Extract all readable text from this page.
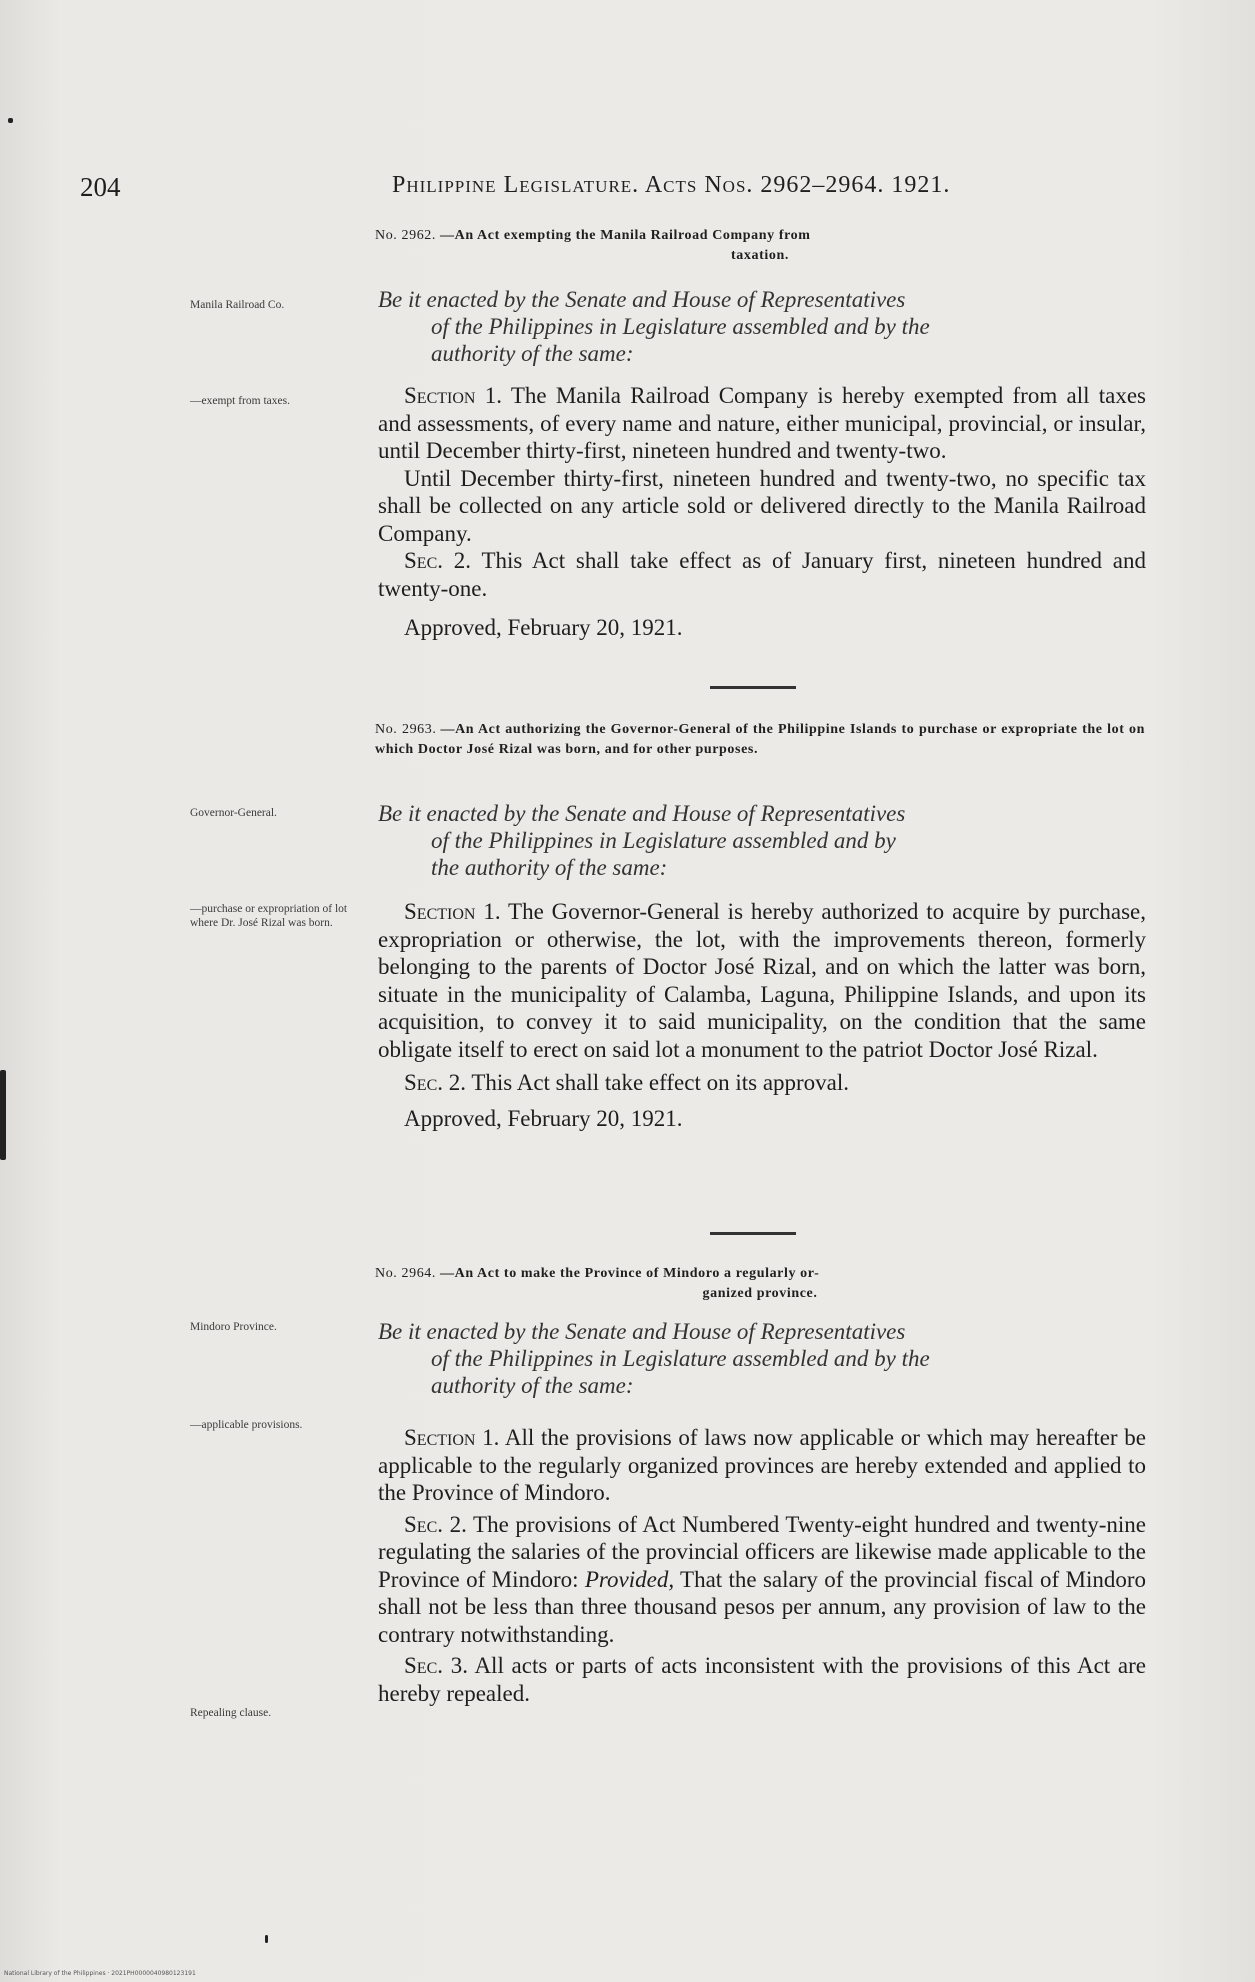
204	Philippine Legislature. Acts Nos. 2962–2964. 1921.
No. 2962. —An Act exempting the Manila Railroad Company from
taxation.
Manila Railroad Co.	Be it enacted by the Senate and House of Representatives
of the Philippines in Legislature assembled and by the
authority of the same:
—exempt from taxes.	Section 1. The Manila Railroad Company is hereby exempted from all taxes and assessments, of every name and nature, either municipal, provincial, or insular, until December thirty-first, nineteen hundred and twenty-two.

Until December thirty-first, nineteen hundred and twenty-two, no specific tax shall be collected on any article sold or delivered directly to the Manila Railroad Company.

Sec. 2. This Act shall take effect as of January first, nineteen hundred and twenty-one.

Approved, February 20, 1921.

No. 2963. —An Act authorizing the Governor-General of the Philippine Islands to purchase or expropriate the lot on which Doctor José Rizal was born, and for other purposes.
Governor-General.	Be it enacted by the Senate and House of Representatives
of the Philippines in Legislature assembled and by
the authority of the same:
—purchase or expropriation of lot where Dr. José Rizal was born.	Section 1. The Governor-General is hereby authorized to acquire by purchase, expropriation or otherwise, the lot, with the improvements thereon, formerly belonging to the parents of Doctor José Rizal, and on which the latter was born, situate in the municipality of Calamba, Laguna, Philippine Islands, and upon its acquisition, to convey it to said municipality, on the condition that the same obligate itself to erect on said lot a monument to the patriot Doctor José Rizal.

Sec. 2. This Act shall take effect on its approval.

Approved, February 20, 1921.

No. 2964. —An Act to make the Province of Mindoro a regularly or-
ganized province.
Mindoro Province.	Be it enacted by the Senate and House of Representatives
of the Philippines in Legislature assembled and by the
authority of the same:
—applicable provisions.	Section 1. All the provisions of laws now applicable or which may hereafter be applicable to the regularly organized provinces are hereby extended and applied to the Province of Mindoro.

Sec. 2. The provisions of Act Numbered Twenty-eight hundred and twenty-nine regulating the salaries of the provincial officers are likewise made applicable to the Province of Mindoro: Provided, That the salary of the provincial fiscal of Mindoro shall not be less than three thousand pesos per annum, any provision of law to the contrary notwithstanding.

Sec. 3. All acts or parts of acts inconsistent with the provisions of this Act are hereby repealed.

Repealing clause.
National Library of the Philippines · 2021PH0000040980123191
